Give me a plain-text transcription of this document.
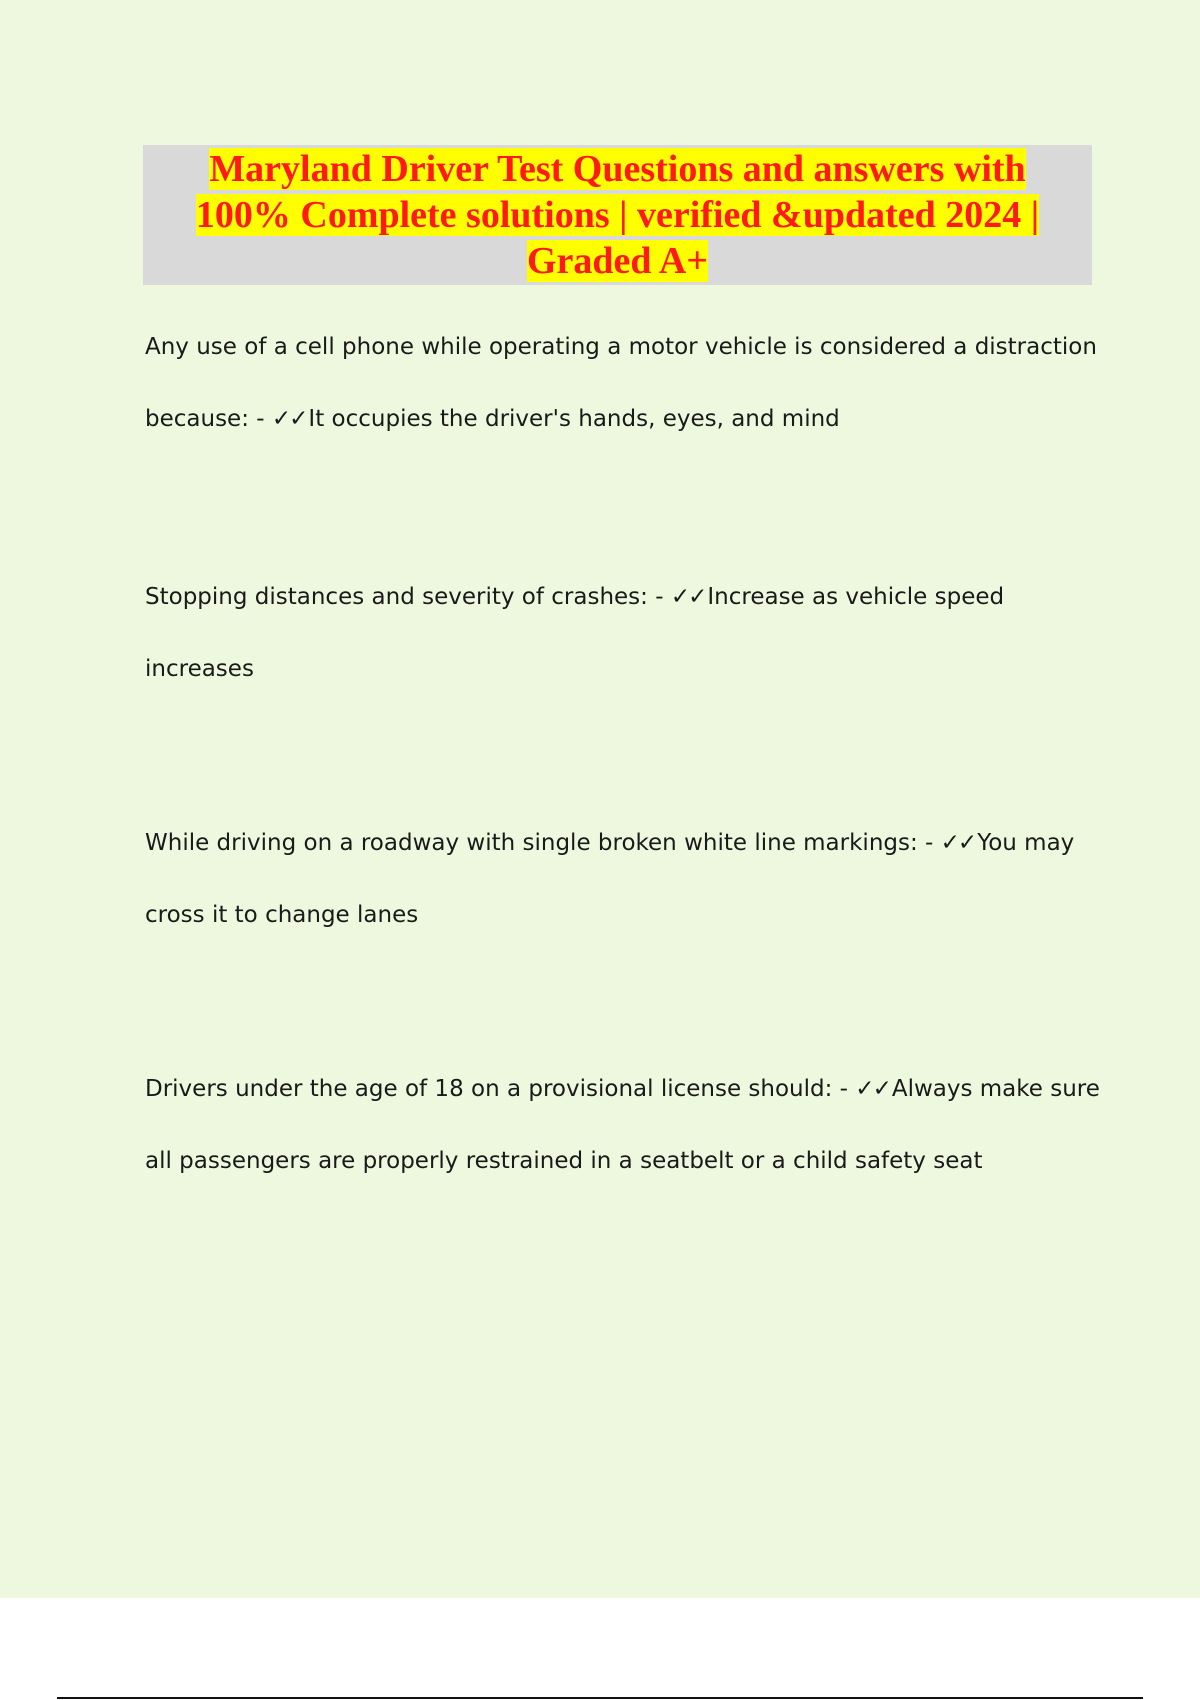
Maryland Driver Test Questions and answers with
100% Complete solutions | verified &updated 2024 |
Graded A+

Any use of a cell phone while operating a motor vehicle is considered a distraction because: - ✓✓It occupies the driver's hands, eyes, and mind

Stopping distances and severity of crashes: - ✓✓Increase as vehicle speed increases

While driving on a roadway with single broken white line markings: - ✓✓You may cross it to change lanes

Drivers under the age of 18 on a provisional license should: - ✓✓Always make sure all passengers are properly restrained in a seatbelt or a child safety seat
